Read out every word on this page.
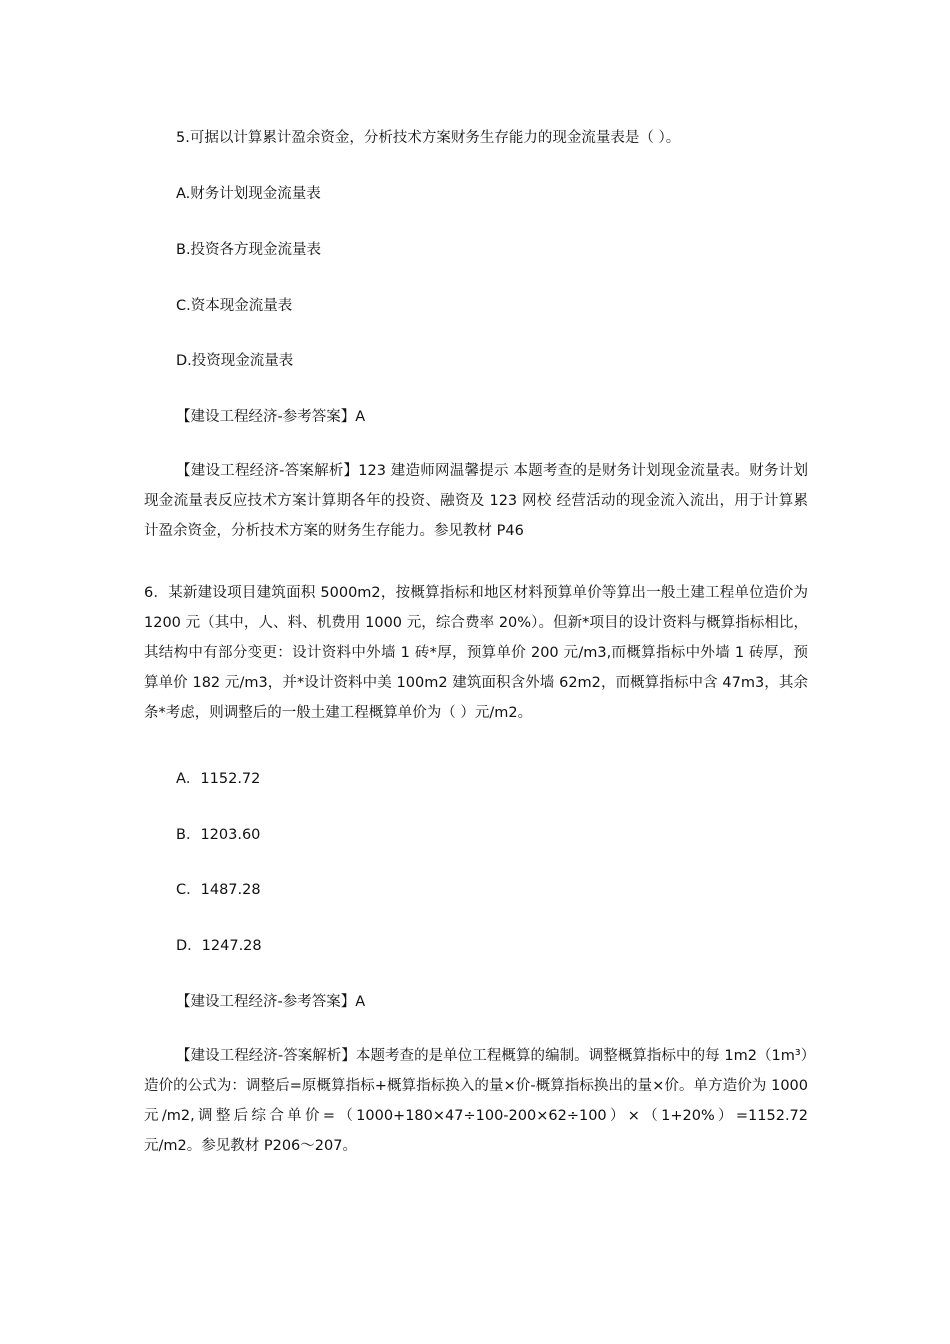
5.可据以计算累计盈余资金，分析技术方案财务生存能力的现金流量表是（ ）。
A.财务计划现金流量表
B.投资各方现金流量表
C.资本现金流量表
D.投资现金流量表
【建设工程经济-参考答案】A

【建设工程经济-答案解析】123 建造师网温馨提示 本题考查的是财务计划现金流量表。财务计划现金流量表反应技术方案计算期各年的投资、融资及 123 网校 经营活动的现金流入流出，用于计算累计盈余资金，分析技术方案的财务生存能力。参见教材 P46

6．某新建设项目建筑面积 5000m2，按概算指标和地区材料预算单价等算出一般土建工程单位造价为 1200 元（其中，人、料、机费用 1000 元，综合费率 20%）。但新*项目的设计资料与概算指标相比，其结构中有部分变更：设计资料中外墙 1 砖*厚，预算单价 200 元/m3,而概算指标中外墙 1 砖厚，预算单价 182 元/m3，并*设计资料中美 100m2 建筑面积含外墙 62m2，而概算指标中含 47m3，其余条*考虑，则调整后的一般土建工程概算单价为（ ）元/m2。

A．1152.72
B．1203.60
C．1487.28
D．1247.28
【建设工程经济-参考答案】A

【建设工程经济-答案解析】本题考查的是单位工程概算的编制。调整概算指标中的每 1m2（1m³）造价的公式为：调整后=原概算指标+概算指标换入的量×价-概算指标换出的量×价。单方造价为 1000 元/m2,调整后综合单价=（1000+180×47÷100-200×62÷100）×（1+20%）=1152.72 元/m2。参见教材 P206～207。
